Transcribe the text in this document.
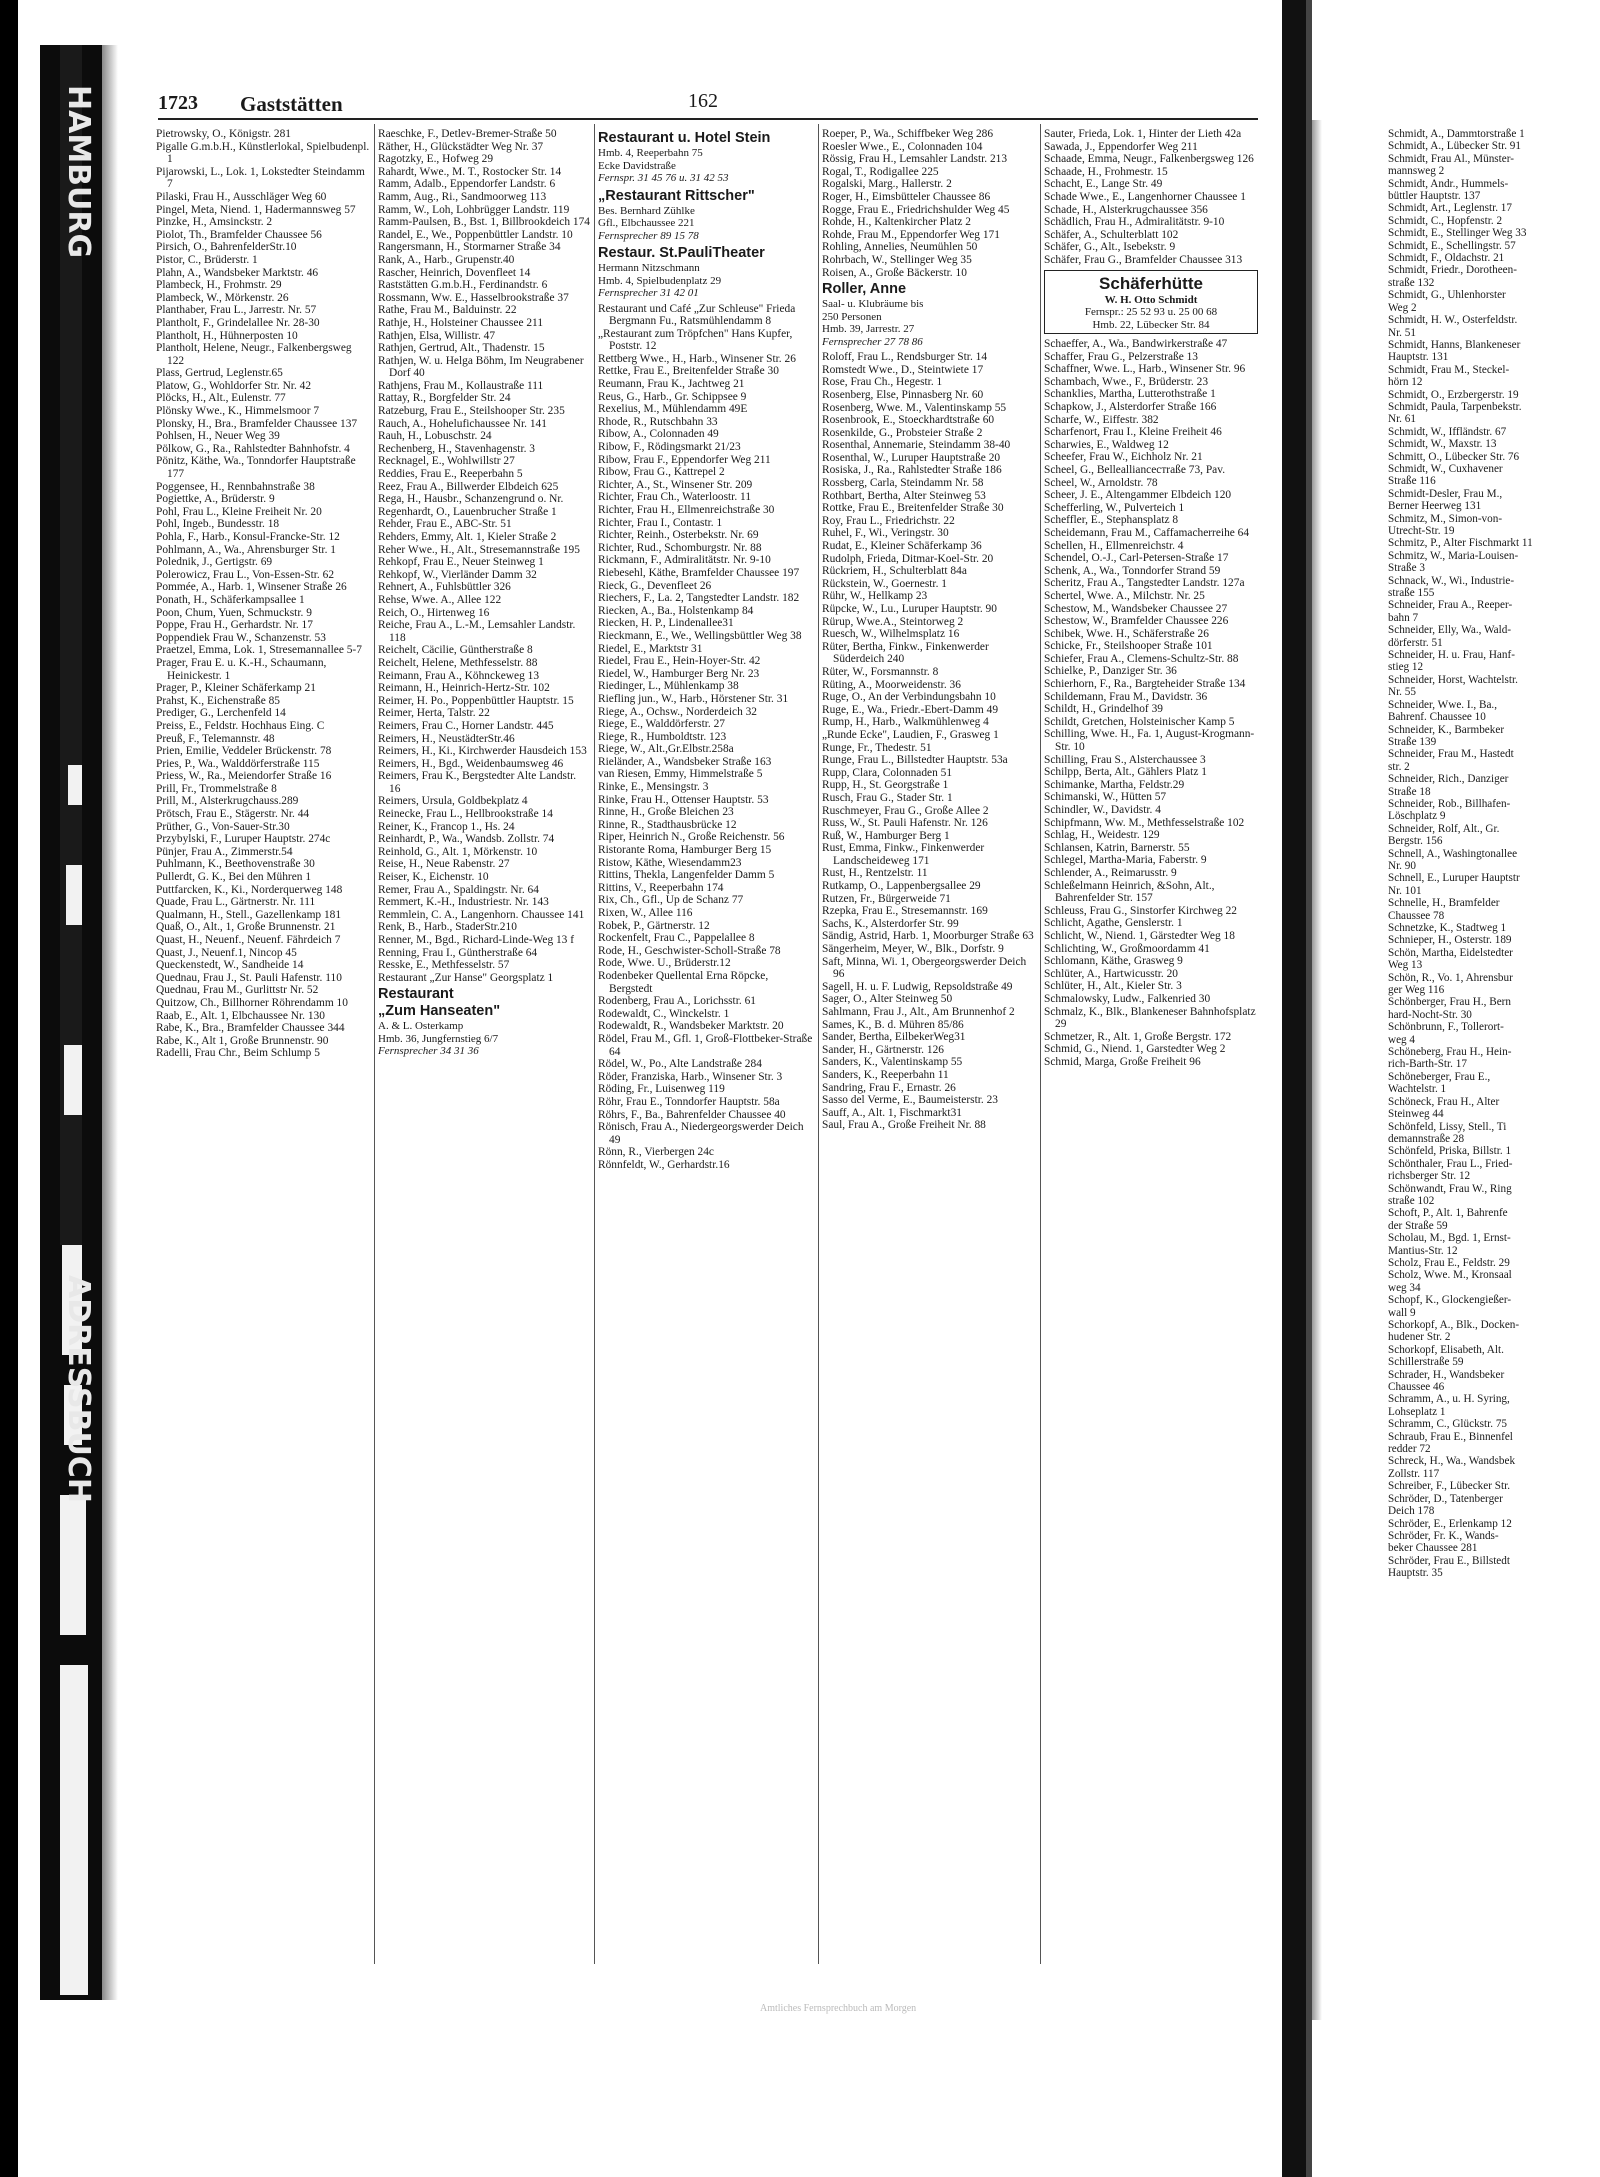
HAMBURG
ADRESSBUCH
1723 Gaststätten	162
Pietrowsky, O., Königstr. 281
Pigalle G.m.b.H., Künstlerlokal, Spielbudenpl. 1
Pijarowski, L., Lok. 1, Lokstedter Steindamm 7
Pilaski, Frau H., Ausschläger Weg 60
Pingel, Meta, Niend. 1, Hadermannsweg 57
Pinzke, H., Amsinckstr. 2
Piolot, Th., Bramfelder Chaussee 56
Pirsich, O., BahrenfelderStr.10
Pistor, C., Brüderstr. 1
Plahn, A., Wandsbeker Marktstr. 46
Plambeck, H., Frohmstr. 29
Plambeck, W., Mörkenstr. 26
Planthaber, Frau L., Jarrestr. Nr. 57
Plantholt, F., Grindelallee Nr. 28-30
Plantholt, H., Hühnerposten 10
Plantholt, Helene, Neugr., Falkenbergsweg 122
Plass, Gertrud, Leglenstr.65
Platow, G., Wohldorfer Str. Nr. 42
Plöcks, H., Alt., Eulenstr. 77
Plönsky Wwe., K., Himmelsmoor 7
Plonsky, H., Bra., Bramfelder Chaussee 137
Pohlsen, H., Neuer Weg 39
Pölkow, G., Ra., Rahlstedter Bahnhofstr. 4
Pönitz, Käthe, Wa., Tonndorfer Hauptstraße 177
Poggensee, H., Rennbahnstraße 38
Pogiettke, A., Brüderstr. 9
Pohl, Frau L., Kleine Freiheit Nr. 20
Pohl, Ingeb., Bundesstr. 18
Pohla, F., Harb., Konsul-Francke-Str. 12
Pohlmann, A., Wa., Ahrensburger Str. 1
Polednik, J., Gertigstr. 69
Polerowicz, Frau L., Von-Essen-Str. 62
Pommée, A., Harb. 1, Winsener Straße 26
Ponath, H., Schäferkampsallee 1
Poon, Chum, Yuen, Schmuckstr. 9
Poppe, Frau H., Gerhardstr. Nr. 17
Poppendiek Frau W., Schanzenstr. 53
Praetzel, Emma, Lok. 1, Stresemannallee 5-7
Prager, Frau E. u. K.-H., Schaumann, Heinickestr. 1
Prager, P., Kleiner Schäferkamp 21
Prahst, K., Eichenstraße 85
Prediger, G., Lerchenfeld 14
Preiss, E., Feldstr. Hochhaus Eing. C
Preuß, F., Telemannstr. 48
Prien, Emilie, Veddeler Brückenstr. 78
Pries, P., Wa., Walddörferstraße 115
Priess, W., Ra., Meiendorfer Straße 16
Prill, Fr., Trommelstraße 8
Prill, M., Alsterkrugchauss.289
Prötsch, Frau E., Stägerstr. Nr. 44
Prüther, G., Von-Sauer-Str.30
Przybylski, F., Luruper Hauptstr. 274c
Pünjer, Frau A., Zimmerstr.54
Puhlmann, K., Beethovenstraße 30
Pullerdt, G. K., Bei den Mühren 1
Puttfarcken, K., Ki., Norderquerweg 148
Quade, Frau L., Gärtnerstr. Nr. 111
Qualmann, H., Stell., Gazellenkamp 181
Quaß, O., Alt., 1, Große Brunnenstr. 21
Quast, H., Neuenf., Neuenf. Fährdeich 7
Quast, J., Neuenf.1, Nincop 45
Queckenstedt, W., Sandheide 14
Quednau, Frau J., St. Pauli Hafenstr. 110
Quednau, Frau M., Gurlittstr Nr. 52
Quitzow, Ch., Billhorner Röhrendamm 10
Raab, E., Alt. 1, Elbchaussee Nr. 130
Rabe, K., Bra., Bramfelder Chaussee 344
Rabe, K., Alt 1, Große Brunnenstr. 90
Radelli, Frau Chr., Beim Schlump 5
Raeschke, F., Detlev-Bremer-Straße 50
Räther, H., Glückstädter Weg Nr. 37
Ragotzky, E., Hofweg 29
Rahardt, Wwe., M. T., Rostocker Str. 14
Ramm, Adalb., Eppendorfer Landstr. 6
Ramm, Aug., Ri., Sandmoorweg 113
Ramm, W., Loh, Lohbrügger Landstr. 119
Ramm-Paulsen, B., Bst. 1, Billbrookdeich 174
Randel, E., We., Poppenbüttler Landstr. 10
Rangersmann, H., Stormarner Straße 34
Rank, A., Harb., Grupenstr.40
Rascher, Heinrich, Dovenfleet 14
Raststätten G.m.b.H., Ferdinandstr. 6
Rossmann, Ww. E., Hasselbrookstraße 37
Rathe, Frau M., Balduinstr. 22
Rathje, H., Holsteiner Chaussee 211
Rathjen, Elsa, Willistr. 47
Rathjen, Gertrud, Alt., Thadenstr. 15
Rathjen, W. u. Helga Böhm, Im Neugrabener Dorf 40
Rathjens, Frau M., Kollaustraße 111
Rattay, R., Borgfelder Str. 24
Ratzeburg, Frau E., Steilshooper Str. 235
Rauch, A., Hohelufichaussee Nr. 141
Rauh, H., Lobuschstr. 24
Rechenberg, H., Stavenhagenstr. 3
Recknagel, E., Wohlwillstr 27
Reddies, Frau E., Reeperbahn 5
Reez, Frau A., Billwerder Elbdeich 625
Rega, H., Hausbr., Schanzengrund o. Nr.
Regenhardt, O., Lauenbrucher Straße 1
Rehder, Frau E., ABC-Str. 51
Rehders, Emmy, Alt. 1, Kieler Straße 2
Reher Wwe., H., Alt., Stresemannstraße 195
Rehkopf, Frau E., Neuer Steinweg 1
Rehkopf, W., Vierländer Damm 32
Rehnert, A., Fuhlsbüttler 326
Rehse, Wwe. A., Allee 122
Reich, O., Hirtenweg 16
Reiche, Frau A., L.-M., Lemsahler Landstr. 118
Reichelt, Cäcilie, Güntherstraße 8
Reichelt, Helene, Methfesselstr. 88
Reimann, Frau A., Köhnckeweg 13
Reimann, H., Heinrich-Hertz-Str. 102
Reimer, H. Po., Poppenbüttler Hauptstr. 15
Reimer, Herta, Talstr. 22
Reimers, Frau C., Horner Landstr. 445
Reimers, H., NeustädterStr.46
Reimers, H., Ki., Kirchwerder Hausdeich 153
Reimers, H., Bgd., Weidenbaumsweg 46
Reimers, Frau K., Bergstedter Alte Landstr. 16
Reimers, Ursula, Goldbekplatz 4
Reinecke, Frau L., Hellbrookstraße 14
Reiner, K., Francop 1., Hs. 24
Reinhardt, P., Wa., Wandsb. Zollstr. 74
Reinhold, G., Alt. 1, Mörkenstr. 10
Reise, H., Neue Rabenstr. 27
Reiser, K., Eichenstr. 10
Remer, Frau A., Spaldingstr. Nr. 64
Remmert, K.-H., Industriestr. Nr. 143
Remmlein, C. A., Langenhorn. Chaussee 141
Renk, B., Harb., StaderStr.210
Renner, M., Bgd., Richard-Linde-Weg 13 f
Renning, Frau I., Güntherstraße 64
Resske, E., Methfesselstr. 57
Restaurant „Zur Hanse" Georgsplatz 1
Restaurant
„Zum Hanseaten"
A. & L. Osterkamp
Hmb. 36, Jungfernstieg 6/7
Fernsprecher 34 31 36
Restaurant u. Hotel Stein
Hmb. 4, Reeperbahn 75
Ecke Davidstraße
Fernspr. 31 45 76 u. 31 42 53
„Restaurant Rittscher"
Bes. Bernhard Zühlke
Gfl., Elbchaussee 221
Fernsprecher 89 15 78
Restaur. St.PauliTheater
Hermann Nitzschmann
Hmb. 4, Spielbudenplatz 29
Fernsprecher 31 42 01
Restaurant und Café „Zur Schleuse" Frieda Bergmann Fu., Ratsmühlendamm 8
„Restaurant zum Tröpfchen" Hans Kupfer, Poststr. 12
Rettberg Wwe., H., Harb., Winsener Str. 26
Rettke, Frau E., Breitenfelder Straße 30
Reumann, Frau K., Jachtweg 21
Reus, G., Harb., Gr. Schippsee 9
Rexelius, M., Mühlendamm 49E
Rhode, R., Rutschbahn 33
Ribow, A., Colonnaden 49
Ribow, F., Rödingsmarkt 21/23
Ribow, Frau F., Eppendorfer Weg 211
Ribow, Frau G., Kattrepel 2
Richter, A., St., Winsener Str. 209
Richter, Frau Ch., Waterloostr. 11
Richter, Frau H., Ellmenreichstraße 30
Richter, Frau I., Contastr. 1
Richter, Reinh., Osterbekstr. Nr. 69
Richter, Rud., Schomburgstr. Nr. 88
Rickmann, F., Admiralitätstr. Nr. 9-10
Riebesehl, Käthe, Bramfelder Chaussee 197
Rieck, G., Devenfleet 26
Riechers, F., La. 2, Tangstedter Landstr. 182
Riecken, A., Ba., Holstenkamp 84
Riecken, H. P., Lindenallee31
Rieckmann, E., We., Wellingsbüttler Weg 38
Riedel, E., Marktstr 31
Riedel, Frau E., Hein-Hoyer-Str. 42
Riedel, W., Hamburger Berg Nr. 23
Riedinger, L., Mühlenkamp 38
Riefling jun., W., Harb., Hörstener Str. 31
Riege, A., Ochsw., Norderdeich 32
Riege, E., Walddörferstr. 27
Riege, R., Humboldtstr. 123
Riege, W., Alt.,Gr.Elbstr.258a
Rieländer, A., Wandsbeker Straße 163
van Riesen, Emmy, Himmelstraße 5
Rinke, E., Mensingstr. 3
Rinke, Frau H., Ottenser Hauptstr. 53
Rinne, H., Große Bleichen 23
Rinne, R., Stadthausbrücke 12
Riper, Heinrich N., Große Reichenstr. 56
Ristorante Roma, Hamburger Berg 15
Ristow, Käthe, Wiesendamm23
Rittins, Thekla, Langenfelder Damm 5
Rittins, V., Reeperbahn 174
Rix, Ch., Gfl., Up de Schanz 77
Rixen, W., Allee 116
Robek, P., Gärtnerstr. 12
Rockenfelt, Frau C., Pappelallee 8
Rode, H., Geschwister-Scholl-Straße 78
Rode, Wwe. U., Brüderstr.12
Rodenbeker Quellental Erna Röpcke, Bergstedt
Rodenberg, Frau A., Lorichsstr. 61
Rodewaldt, C., Winckelstr. 1
Rodewaldt, R., Wandsbeker Marktstr. 20
Rödel, Frau M., Gfl. 1, Groß-Flottbeker-Straße 64
Rödel, W., Po., Alte Landstraße 284
Röder, Franziska, Harb., Winsener Str. 3
Röding, Fr., Luisenweg 119
Röhr, Frau E., Tonndorfer Hauptstr. 58a
Röhrs, F., Ba., Bahrenfelder Chaussee 40
Rönisch, Frau A., Niedergeorgswerder Deich 49
Rönn, R., Vierbergen 24c
Rönnfeldt, W., Gerhardstr.16
Roeper, P., Wa., Schiffbeker Weg 286
Roesler Wwe., E., Colonnaden 104
Rössig, Frau H., Lemsahler Landstr. 213
Rogal, T., Rodigallee 225
Rogalski, Marg., Hallerstr. 2
Roger, H., Eimsbütteler Chaussee 86
Rogge, Frau E., Friedrichshulder Weg 45
Rohde, H., Kaltenkircher Platz 2
Rohde, Frau M., Eppendorfer Weg 171
Rohling, Annelies, Neumühlen 50
Rohrbach, W., Stellinger Weg 35
Roisen, A., Große Bäckerstr. 10
Roller, Anne
Saal- u. Klubräume bis
250 Personen
Hmb. 39, Jarrestr. 27
Fernsprecher 27 78 86
Roloff, Frau L., Rendsburger Str. 14
Romstedt Wwe., D., Steintwiete 17
Rose, Frau Ch., Hegestr. 1
Rosenberg, Else, Pinnasberg Nr. 60
Rosenberg, Wwe. M., Valentinskamp 55
Rosenbrook, E., Stoeckhardtstraße 60
Rosenkilde, G., Probsteier Straße 2
Rosenthal, Annemarie, Steindamm 38-40
Rosenthal, W., Luruper Hauptstraße 20
Rosiska, J., Ra., Rahlstedter Straße 186
Rossberg, Carla, Steindamm Nr. 58
Rothbart, Bertha, Alter Steinweg 53
Rottke, Frau E., Breitenfelder Straße 30
Roy, Frau L., Friedrichstr. 22
Ruhel, F., Wi., Veringstr. 30
Rudat, E., Kleiner Schäferkamp 36
Rudolph, Frieda, Ditmar-Koel-Str. 20
Rückriem, H., Schulterblatt 84a
Rückstein, W., Goernestr. 1
Rühr, W., Hellkamp 23
Rüpcke, W., Lu., Luruper Hauptstr. 90
Rürup, Wwe.A., Steintorweg 2
Ruesch, W., Wilhelmsplatz 16
Rüter, Bertha, Finkw., Finkenwerder Süderdeich 240
Rüter, W., Forsmannstr. 8
Rüting, A., Moorweidenstr. 36
Ruge, O., An der Verbindungsbahn 10
Ruge, E., Wa., Friedr.-Ebert-Damm 49
Rump, H., Harb., Walkmühlenweg 4
„Runde Ecke", Laudien, F., Grasweg 1
Runge, Fr., Thedestr. 51
Runge, Frau L., Billstedter Hauptstr. 53a
Rupp, Clara, Colonnaden 51
Rupp, H., St. Georgstraße 1
Rusch, Frau G., Stader Str. 1
Ruschmeyer, Frau G., Große Allee 2
Russ, W., St. Pauli Hafenstr. Nr. 126
Ruß, W., Hamburger Berg 1
Rust, Emma, Finkw., Finkenwerder Landscheideweg 171
Rust, H., Rentzelstr. 11
Rutkamp, O., Lappenbergsallee 29
Rutzen, Fr., Bürgerweide 71
Rzepka, Frau E., Stresemannstr. 169
Sachs, K., Alsterdorfer Str. 99
Sändig, Astrid, Harb. 1, Moorburger Straße 63
Sängerheim, Meyer, W., Blk., Dorfstr. 9
Saft, Minna, Wi. 1, Obergeorgswerder Deich 96
Sagell, H. u. F. Ludwig, Repsoldstraße 49
Sager, O., Alter Steinweg 50
Sahlmann, Frau J., Alt., Am Brunnenhof 2
Sames, K., B. d. Mühren 85/86
Sander, Bertha, EilbekerWeg31
Sander, H., Gärtnerstr. 126
Sanders, K., Valentinskamp 55
Sanders, K., Reeperbahn 11
Sandring, Frau F., Ernastr. 26
Sasso del Verme, E., Baumeisterstr. 23
Sauff, A., Alt. 1, Fischmarkt31
Saul, Frau A., Große Freiheit Nr. 88
Sauter, Frieda, Lok. 1, Hinter der Lieth 42a
Sawada, J., Eppendorfer Weg 211
Schaade, Emma, Neugr., Falkenbergsweg 126
Schaade, H., Frohmestr. 15
Schacht, E., Lange Str. 49
Schade Wwe., E., Langenhorner Chaussee 1
Schade, H., Alsterkrugchaussee 356
Schädlich, Frau H., Admiralitätstr. 9-10
Schäfer, A., Schulterblatt 102
Schäfer, G., Alt., Isebekstr. 9
Schäfer, Frau G., Bramfelder Chaussee 313
Schäferhütte
W. H. Otto Schmidt
Fernspr.: 25 52 93 u. 25 00 68
Hmb. 22, Lübecker Str. 84
Schaeffer, A., Wa., Bandwirkerstraße 47
Schaffer, Frau G., Pelzerstraße 13
Schaffner, Wwe. L., Harb., Winsener Str. 96
Schambach, Wwe., F., Brüderstr. 23
Schanklies, Martha, Lutterothstraße 1
Schapkow, J., Alsterdorfer Straße 166
Scharfe, W., Eiffestr. 382
Scharfenort, Frau I., Kleine Freiheit 46
Scharwies, E., Waldweg 12
Scheefer, Frau W., Eichholz Nr. 21
Scheel, G., Belleallianceстraße 73, Pav.
Scheel, W., Arnoldstr. 78
Scheer, J. E., Altengammer Elbdeich 120
Schefferling, W., Pulverteich 1
Scheffler, E., Stephansplatz 8
Scheidemann, Frau M., Caffamacherreihe 64
Schellen, H., Ellmenreichstr. 4
Schendel, O.-J., Carl-Petersen-Straße 17
Schenk, A., Wa., Tonndorfer Strand 59
Scheritz, Frau A., Tangstedter Landstr. 127a
Schertel, Wwe. A., Milchstr. Nr. 25
Schestow, M., Wandsbeker Chaussee 27
Schestow, W., Bramfelder Chaussee 226
Schibek, Wwe. H., Schäferstraße 26
Schicke, Fr., Steilshooper Straße 101
Schiefer, Frau A., Clemens-Schultz-Str. 88
Schielke, P., Danziger Str. 36
Schierhorn, F., Ra., Bargteheider Straße 134
Schildemann, Frau M., Davidstr. 36
Schildt, H., Grindelhof 39
Schildt, Gretchen, Holsteinischer Kamp 5
Schilling, Wwe. H., Fa. 1, August-Krogmann-Str. 10
Schilling, Frau S., Alsterchaussee 3
Schilpp, Berta, Alt., Gählers Platz 1
Schimanke, Martha, Feldstr.29
Schimanski, W., Hütten 57
Schindler, W., Davidstr. 4
Schipfmann, Ww. M., Methfesselstraße 102
Schlag, H., Weidestr. 129
Schlansen, Katrin, Barnerstr. 55
Schlegel, Martha-Maria, Faberstr. 9
Schlender, A., Reimarusstr. 9
Schleßelmann Heinrich, &Sohn, Alt., Bahrenfelder Str. 157
Schleuss, Frau G., Sinstorfer Kirchweg 22
Schlicht, Agathe, Genslerstr. 1
Schlicht, W., Niend. 1, Gärstedter Weg 18
Schlichting, W., Großmoordamm 41
Schlomann, Käthe, Grasweg 9
Schlüter, A., Hartwicusstr. 20
Schlüter, H., Alt., Kieler Str. 3
Schmalowsky, Ludw., Falkenried 30
Schmalz, K., Blk., Blankeneser Bahnhofsplatz 29
Schmetzer, R., Alt. 1, Große Bergstr. 172
Schmid, G., Niend. 1, Garstedter Weg 2
Schmid, Marga, Große Freiheit 96
Schmidt, A., Dammtorstraße 1
Schmidt, A., Lübecker Str. 91
Schmidt, Frau Al., Münster-
mannsweg 2
Schmidt, Andr., Hummels-
büttler Hauptstr. 137
Schmidt, Art., Leglenstr. 17
Schmidt, C., Hopfenstr. 2
Schmidt, E., Stellinger Weg 33
Schmidt, E., Schellingstr. 57
Schmidt, F., Oldachstr. 21
Schmidt, Friedr., Dorotheen-
straße 132
Schmidt, G., Uhlenhorster
Weg 2
Schmidt, H. W., Osterfeldstr.
Nr. 51
Schmidt, Hanns, Blankeneser
Hauptstr. 131
Schmidt, Frau M., Steckel-
hörn 12
Schmidt, O., Erzbergerstr. 19
Schmidt, Paula, Tarpenbekstr.
Nr. 61
Schmidt, W., Iffländstr. 67
Schmidt, W., Maxstr. 13
Schmitt, O., Lübecker Str. 76
Schmidt, W., Cuxhavener
Straße 116
Schmidt-Desler, Frau M.,
Berner Heerweg 131
Schmitz, M., Simon-von-
Utrecht-Str. 19
Schmitz, P., Alter Fischmarkt 11
Schmitz, W., Maria-Louisen-
Straße 3
Schnack, W., Wi., Industrie-
straße 155
Schneider, Frau A., Reeper-
bahn 7
Schneider, Elly, Wa., Wald-
dörferstr. 51
Schneider, H. u. Frau, Hanf-
stieg 12
Schneider, Horst, Wachtelstr.
Nr. 55
Schneider, Wwe. I., Ba.,
Bahrenf. Chaussee 10
Schneider, K., Barmbeker
Straße 139
Schneider, Frau M., Hastedt
str. 2
Schneider, Rich., Danziger
Straße 18
Schneider, Rob., Billhafen-
Löschplatz 9
Schneider, Rolf, Alt., Gr.
Bergstr. 156
Schnell, A., Washingtonallee
Nr. 90
Schnell, E., Luruper Hauptstr
Nr. 101
Schnelle, H., Bramfelder
Chaussee 78
Schnetzke, K., Stadtweg 1
Schnieper, H., Osterstr. 189
Schön, Martha, Eidelstedter
Weg 13
Schön, R., Vo. 1, Ahrensbur
ger Weg 116
Schönberger, Frau H., Bern
hard-Nocht-Str. 30
Schönbrunn, F., Tollerort-
weg 4
Schöneberg, Frau H., Hein-
rich-Barth-Str. 17
Schöneberger, Frau E.,
Wachtelstr. 1
Schöneck, Frau H., Alter
Steinweg 44
Schönfeld, Lissy, Stell., Ti
demannstraße 28
Schönfeld, Priska, Billstr. 1
Schönthaler, Frau L., Fried-
richsberger Str. 12
Schönwandt, Frau W., Ring
straße 102
Schoft, P., Alt. 1, Bahrenfe
der Straße 59
Scholau, M., Bgd. 1, Ernst-
Mantius-Str. 12
Scholz, Frau E., Feldstr. 29
Scholz, Wwe. M., Kronsaal
weg 34
Schopf, K., Glockengießer-
wall 9
Schorkopf, A., Blk., Docken-
hudener Str. 2
Schorkopf, Elisabeth, Alt.
Schillerstraße 59
Schrader, H., Wandsbeker
Chaussee 46
Schramm, A., u. H. Syring,
Lohseplatz 1
Schramm, C., Glückstr. 75
Schraub, Frau E., Binnenfel
redder 72
Schreck, H., Wa., Wandsbek
Zollstr. 117
Schreiber, F., Lübecker Str.
Schröder, D., Tatenberger
Deich 178
Schröder, E., Erlenkamp 12
Schröder, Fr. K., Wands-
beker Chaussee 281
Schröder, Frau E., Billstedt
Hauptstr. 35
Amtliches Fernsprechbuch am Morgen
